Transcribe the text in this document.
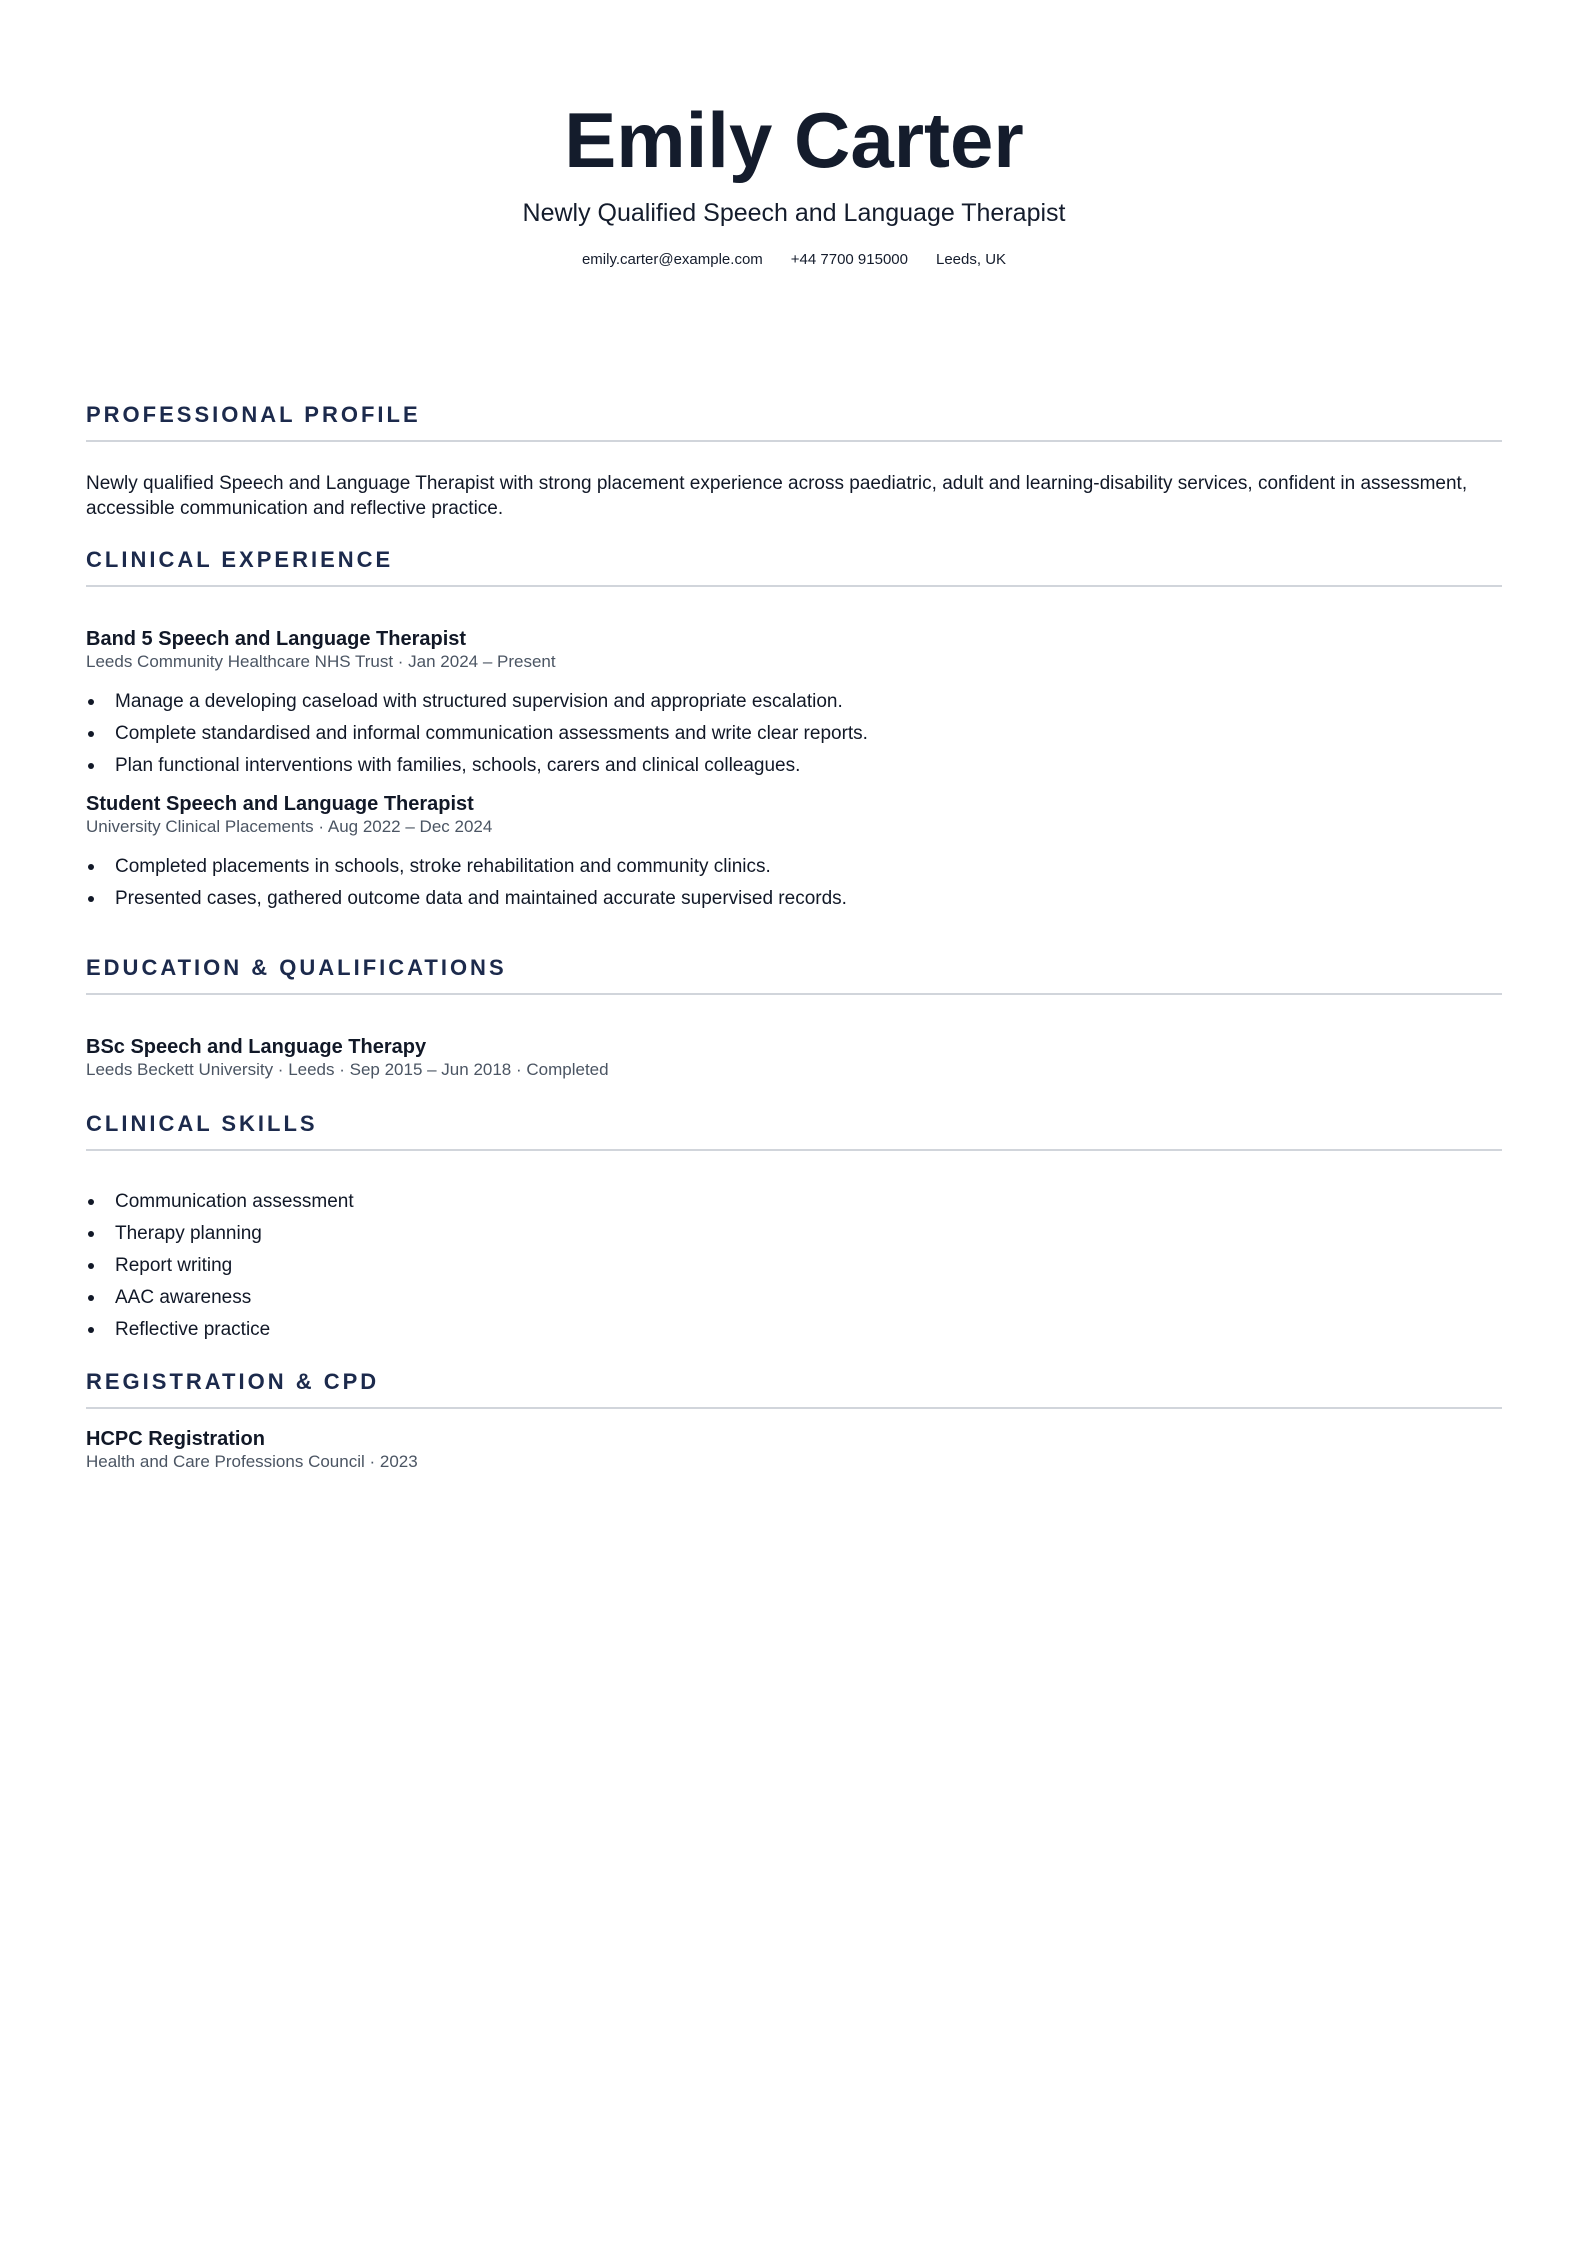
Emily Carter
Newly Qualified Speech and Language Therapist
emily.carter@example.com +44 7700 915000 Leeds, UK
PROFESSIONAL PROFILE

Newly qualified Speech and Language Therapist with strong placement experience across paediatric, adult and learning-disability services, confident in assessment, accessible communication and reflective practice.

CLINICAL EXPERIENCE
Band 5 Speech and Language Therapist
Leeds Community Healthcare NHS Trust · Jan 2024 – Present
Manage a developing caseload with structured supervision and appropriate escalation.
Complete standardised and informal communication assessments and write clear reports.
Plan functional interventions with families, schools, carers and clinical colleagues.
Student Speech and Language Therapist
University Clinical Placements · Aug 2022 – Dec 2024
Completed placements in schools, stroke rehabilitation and community clinics.
Presented cases, gathered outcome data and maintained accurate supervised records.
EDUCATION & QUALIFICATIONS
BSc Speech and Language Therapy
Leeds Beckett University · Leeds · Sep 2015 – Jun 2018 · Completed
CLINICAL SKILLS
Communication assessment
Therapy planning
Report writing
AAC awareness
Reflective practice
REGISTRATION & CPD
HCPC Registration
Health and Care Professions Council · 2023
